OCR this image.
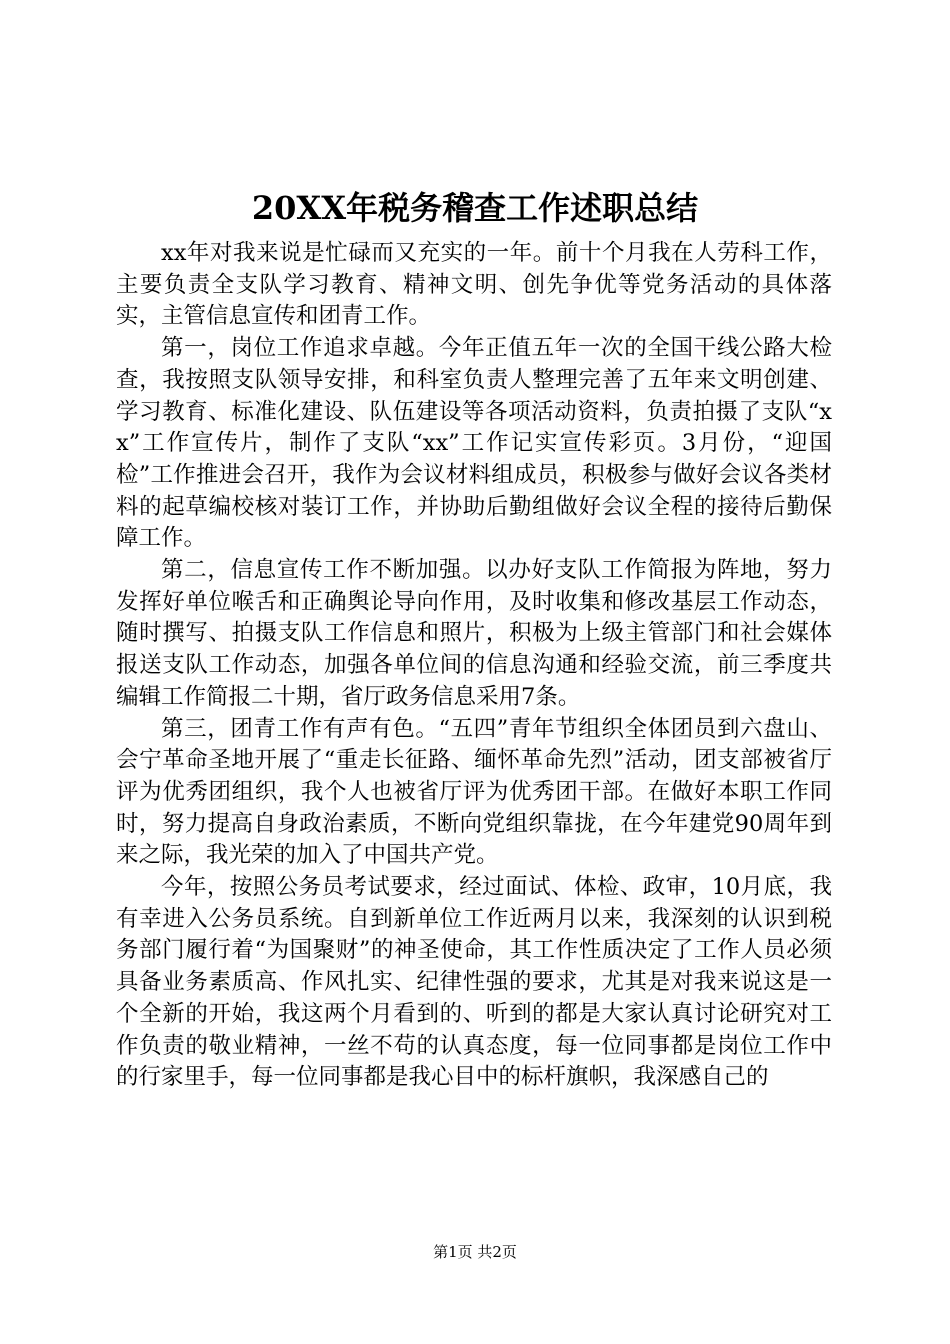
20XX年税务稽查工作述职总结

xx年对我来说是忙碌而又充实的一年。前十个月我在人劳科工作，主要负责全支队学习教育、精神文明、创先争优等党务活动的具体落实，主管信息宣传和团青工作。

第一，岗位工作追求卓越。今年正值五年一次的全国干线公路大检查，我按照支队领导安排，和科室负责人整理完善了五年来文明创建、学习教育、标准化建设、队伍建设等各项活动资料，负责拍摄了支队“xx”工作宣传片，制作了支队“xx”工作记实宣传彩页。3月份，“迎国检”工作推进会召开，我作为会议材料组成员，积极参与做好会议各类材料的起草编校核对装订工作，并协助后勤组做好会议全程的接待后勤保障工作。

第二，信息宣传工作不断加强。以办好支队工作简报为阵地，努力发挥好单位喉舌和正确舆论导向作用，及时收集和修改基层工作动态，随时撰写、拍摄支队工作信息和照片，积极为上级主管部门和社会媒体报送支队工作动态，加强各单位间的信息沟通和经验交流，前三季度共编辑工作简报二十期，省厅政务信息采用7条。

第三，团青工作有声有色。“五四”青年节组织全体团员到六盘山、会宁革命圣地开展了“重走长征路、缅怀革命先烈”活动，团支部被省厅评为优秀团组织，我个人也被省厅评为优秀团干部。在做好本职工作同时，努力提高自身政治素质，不断向党组织靠拢，在今年建党90周年到来之际，我光荣的加入了中国共产党。

今年，按照公务员考试要求，经过面试、体检、政审，10月底，我有幸进入公务员系统。自到新单位工作近两月以来，我深刻的认识到税务部门履行着“为国聚财”的神圣使命，其工作性质决定了工作人员必须具备业务素质高、作风扎实、纪律性强的要求，尤其是对我来说这是一个全新的开始，我这两个月看到的、听到的都是大家认真讨论研究对工作负责的敬业精神，一丝不苟的认真态度，每一位同事都是岗位工作中的行家里手，每一位同事都是我心目中的标杆旗帜，我深感自己的

第1页 共2页
